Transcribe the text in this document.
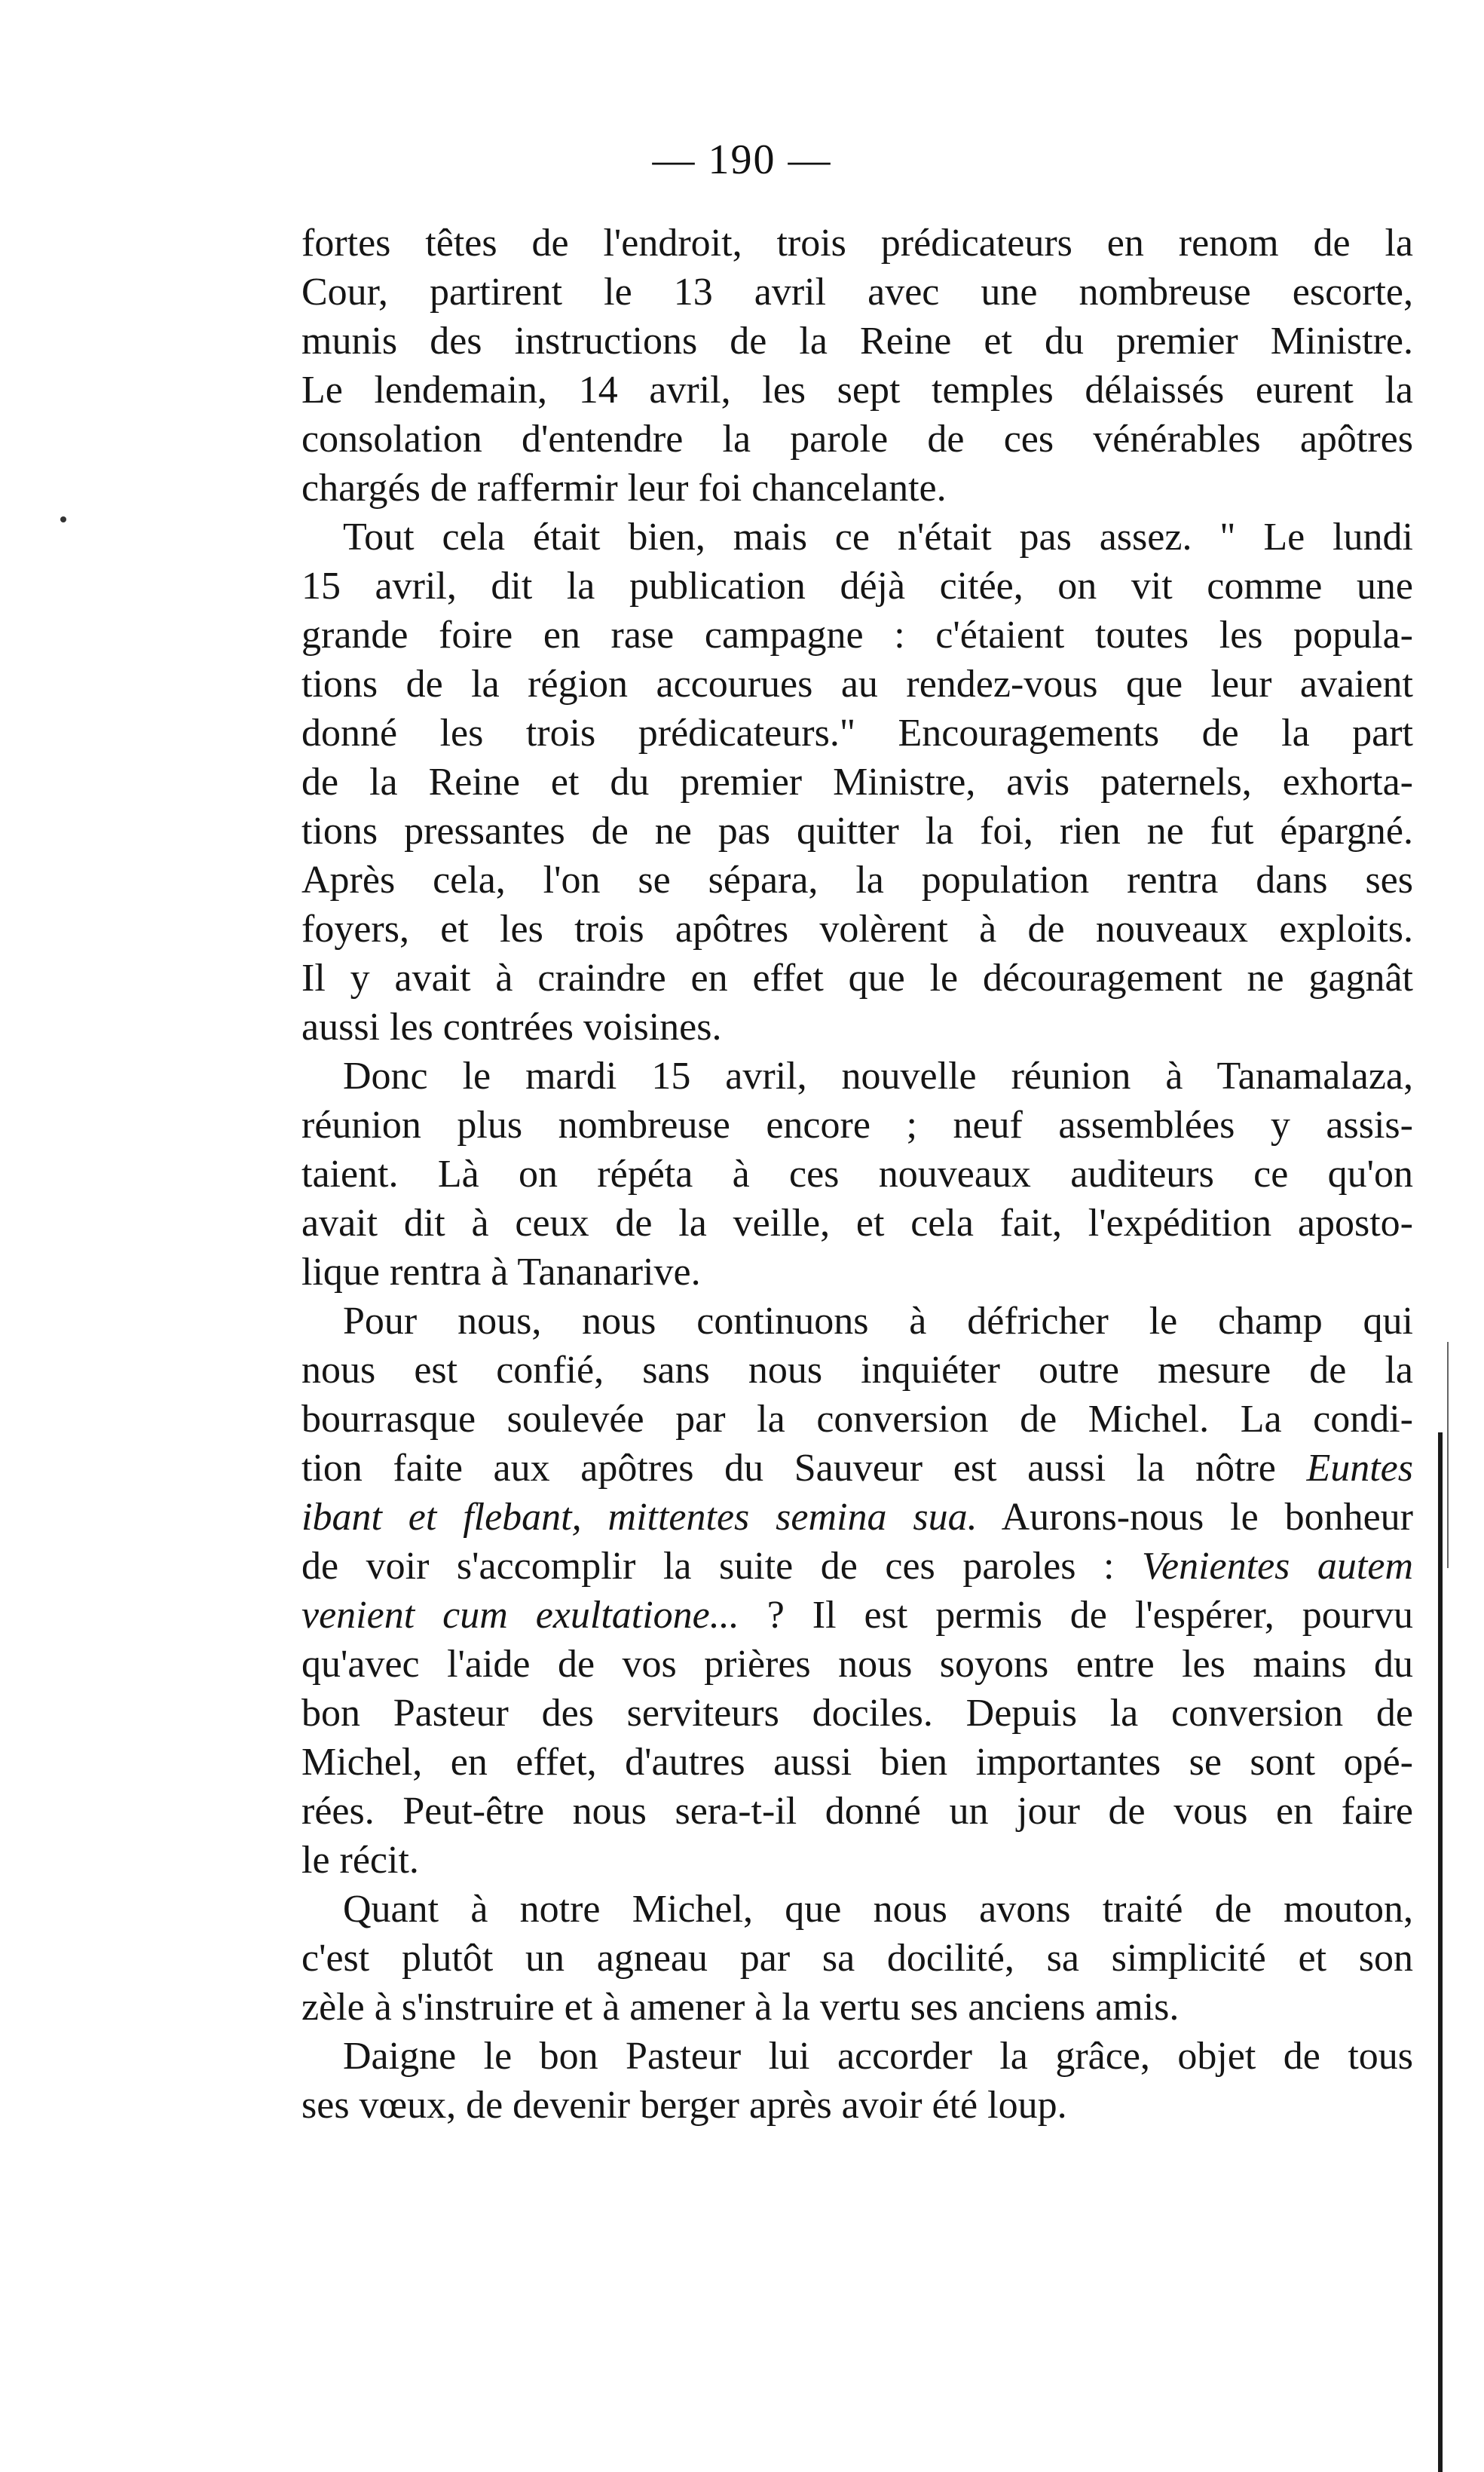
— 190 —
fortes têtes de l'endroit, trois prédicateurs en renom de la
Cour, partirent le 13 avril avec une nombreuse escorte,
munis des instructions de la Reine et du premier Ministre.
Le lendemain, 14 avril, les sept temples délaissés eurent la
consolation d'entendre la parole de ces vénérables apôtres
chargés de raffermir leur foi chancelante.
Tout cela était bien, mais ce n'était pas assez. " Le lundi
15 avril, dit la publication déjà citée, on vit comme une
grande foire en rase campagne : c'étaient toutes les popula-
tions de la région accourues au rendez-vous que leur avaient
donné les trois prédicateurs." Encouragements de la part
de la Reine et du premier Ministre, avis paternels, exhorta-
tions pressantes de ne pas quitter la foi, rien ne fut épargné.
Après cela, l'on se sépara, la population rentra dans ses
foyers, et les trois apôtres volèrent à de nouveaux exploits.
Il y avait à craindre en effet que le découragement ne gagnât
aussi les contrées voisines.
Donc le mardi 15 avril, nouvelle réunion à Tanamalaza,
réunion plus nombreuse encore ; neuf assemblées y assis-
taient. Là on répéta à ces nouveaux auditeurs ce qu'on
avait dit à ceux de la veille, et cela fait, l'expédition aposto-
lique rentra à Tananarive.
Pour nous, nous continuons à défricher le champ qui
nous est confié, sans nous inquiéter outre mesure de la
bourrasque soulevée par la conversion de Michel. La condi-
tion faite aux apôtres du Sauveur est aussi la nôtre Euntes
ibant et flebant, mittentes semina sua. Aurons-nous le bonheur
de voir s'accomplir la suite de ces paroles : Venientes autem
venient cum exultatione... ? Il est permis de l'espérer, pourvu
qu'avec l'aide de vos prières nous soyons entre les mains du
bon Pasteur des serviteurs dociles. Depuis la conversion de
Michel, en effet, d'autres aussi bien importantes se sont opé-
rées. Peut-être nous sera-t-il donné un jour de vous en faire
le récit.
Quant à notre Michel, que nous avons traité de mouton,
c'est plutôt un agneau par sa docilité, sa simplicité et son
zèle à s'instruire et à amener à la vertu ses anciens amis.
Daigne le bon Pasteur lui accorder la grâce, objet de tous
ses vœux, de devenir berger après avoir été loup.
